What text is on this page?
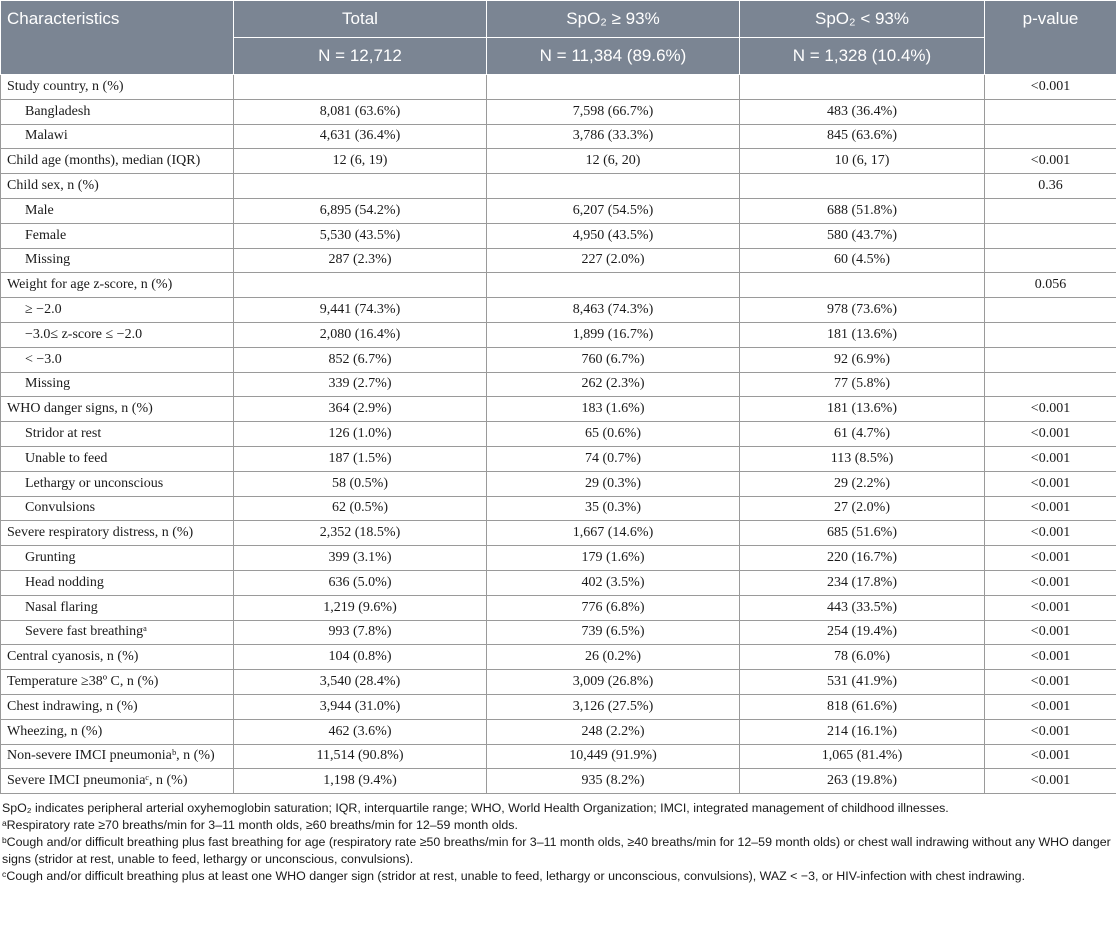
Characteristics	Total	SpO₂ ≥ 93%	SpO₂ < 93%	p-value
	N = 12,712	N = 11,384 (89.6%)	N = 1,328 (10.4%)	
Study country, n (%)				<0.001
Bangladesh	8,081 (63.6%)	7,598 (66.7%)	483 (36.4%)	
Malawi	4,631 (36.4%)	3,786 (33.3%)	845 (63.6%)	
Child age (months), median (IQR)	12 (6, 19)	12 (6, 20)	10 (6, 17)	<0.001
Child sex, n (%)				0.36
Male	6,895 (54.2%)	6,207 (54.5%)	688 (51.8%)	
Female	5,530 (43.5%)	4,950 (43.5%)	580 (43.7%)	
Missing	287 (2.3%)	227 (2.0%)	60 (4.5%)	
Weight for age z-score, n (%)				0.056
≥ −2.0	9,441 (74.3%)	8,463 (74.3%)	978 (73.6%)	
−3.0≤ z-score ≤ −2.0	2,080 (16.4%)	1,899 (16.7%)	181 (13.6%)	
< −3.0	852 (6.7%)	760 (6.7%)	92 (6.9%)	
Missing	339 (2.7%)	262 (2.3%)	77 (5.8%)	
WHO danger signs, n (%)	364 (2.9%)	183 (1.6%)	181 (13.6%)	<0.001
Stridor at rest	126 (1.0%)	65 (0.6%)	61 (4.7%)	<0.001
Unable to feed	187 (1.5%)	74 (0.7%)	113 (8.5%)	<0.001
Lethargy or unconscious	58 (0.5%)	29 (0.3%)	29 (2.2%)	<0.001
Convulsions	62 (0.5%)	35 (0.3%)	27 (2.0%)	<0.001
Severe respiratory distress, n (%)	2,352 (18.5%)	1,667 (14.6%)	685 (51.6%)	<0.001
Grunting	399 (3.1%)	179 (1.6%)	220 (16.7%)	<0.001
Head nodding	636 (5.0%)	402 (3.5%)	234 (17.8%)	<0.001
Nasal flaring	1,219 (9.6%)	776 (6.8%)	443 (33.5%)	<0.001
Severe fast breathingᵃ	993 (7.8%)	739 (6.5%)	254 (19.4%)	<0.001
Central cyanosis, n (%)	104 (0.8%)	26 (0.2%)	78 (6.0%)	<0.001
Temperature ≥38º C, n (%)	3,540 (28.4%)	3,009 (26.8%)	531 (41.9%)	<0.001
Chest indrawing, n (%)	3,944 (31.0%)	3,126 (27.5%)	818 (61.6%)	<0.001
Wheezing, n (%)	462 (3.6%)	248 (2.2%)	214 (16.1%)	<0.001
Non-severe IMCI pneumoniaᵇ, n (%)	11,514 (90.8%)	10,449 (91.9%)	1,065 (81.4%)	<0.001
Severe IMCI pneumoniaᶜ, n (%)	1,198 (9.4%)	935 (8.2%)	263 (19.8%)	<0.001

SpO₂ indicates peripheral arterial oxyhemoglobin saturation; IQR, interquartile range; WHO, World Health Organization; IMCI, integrated management of childhood illnesses.

ᵃRespiratory rate ≥70 breaths/min for 3–11 month olds, ≥60 breaths/min for 12–59 month olds.

ᵇCough and/or difficult breathing plus fast breathing for age (respiratory rate ≥50 breaths/min for 3–11 month olds, ≥40 breaths/min for 12–59 month olds) or chest wall indrawing without any WHO danger signs (stridor at rest, unable to feed, lethargy or unconscious, convulsions).

ᶜCough and/or difficult breathing plus at least one WHO danger sign (stridor at rest, unable to feed, lethargy or unconscious, convulsions), WAZ < −3, or HIV-infection with chest indrawing.
